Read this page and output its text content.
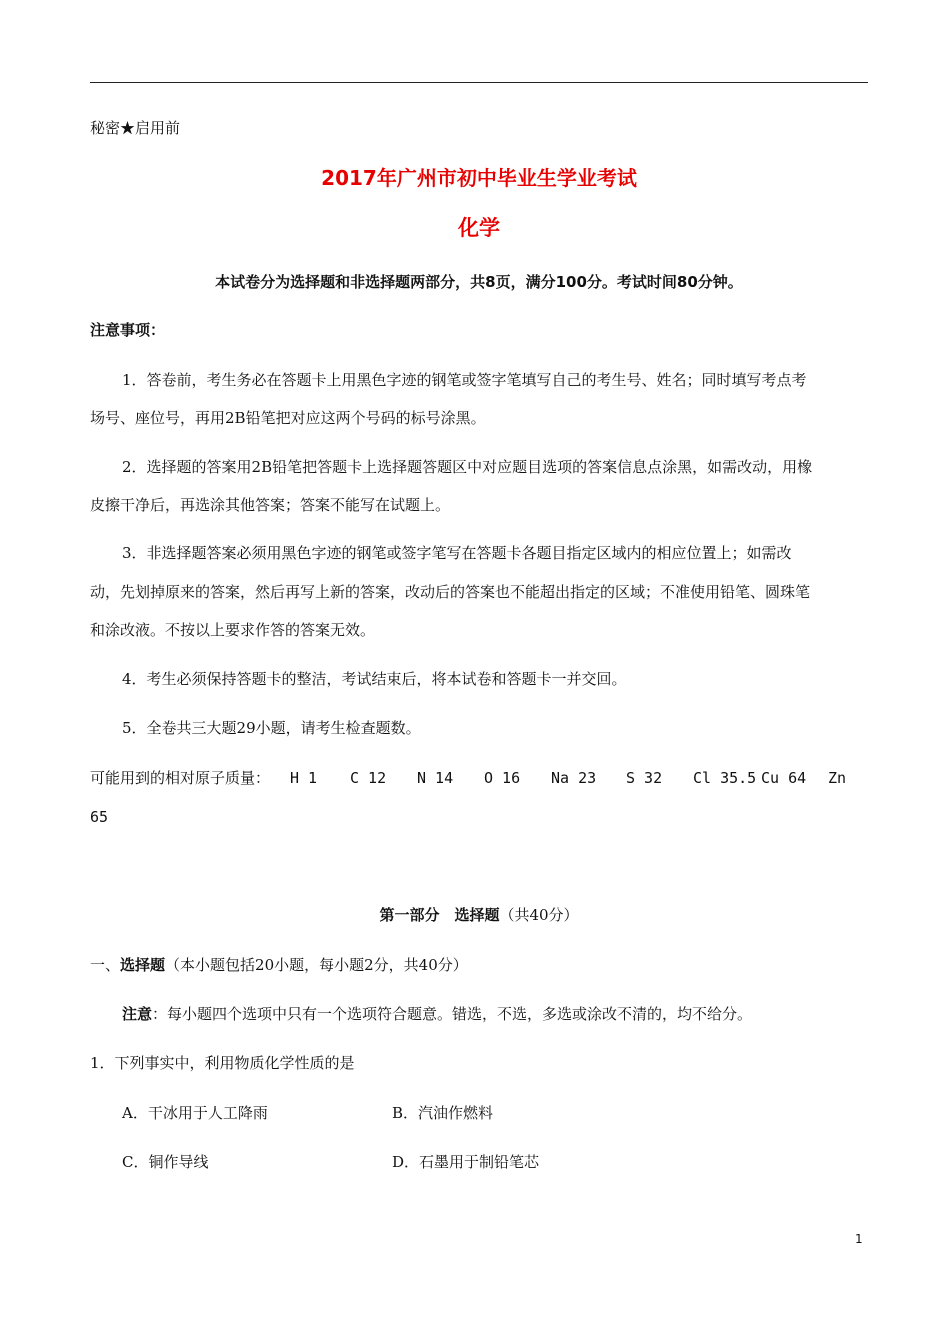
秘密★启用前
2017年广州市初中毕业生学业考试
化学
本试卷分为选择题和非选择题两部分，共8页，满分100分。考试时间80分钟。
注意事项：
1．答卷前，考生务必在答题卡上用黑色字迹的钢笔或签字笔填写自己的考生号、姓名；同时填写考点考
场号、座位号，再用2B铅笔把对应这两个号码的标号涂黑。
2．选择题的答案用2B铅笔把答题卡上选择题答题区中对应题目选项的答案信息点涂黑，如需改动，用橡
皮擦干净后，再选涂其他答案；答案不能写在试题上。
3．非选择题答案必须用黑色字迹的钢笔或签字笔写在答题卡各题目指定区域内的相应位置上；如需改
动，先划掉原来的答案，然后再写上新的答案，改动后的答案也不能超出指定的区域；不准使用铅笔、圆珠笔
和涂改液。不按以上要求作答的答案无效。
4．考生必须保持答题卡的整洁，考试结束后，将本试卷和答题卡一并交回。
5．全卷共三大题29小题，请考生检查题数。
可能用到的相对原子质量： H 1 C 12 N 14 O 16 Na 23 S 32 Cl 35.5 Cu 64 Zn
65
第一部分　选择题（共40分）
一、选择题（本小题包括20小题，每小题2分，共40分）
注意：每小题四个选项中只有一个选项符合题意。错选，不选，多选或涂改不清的，均不给分。
1．下列事实中，利用物质化学性质的是
A．干冰用于人工降雨	B．汽油作燃料
C．铜作导线	D．石墨用于制铅笔芯
1
